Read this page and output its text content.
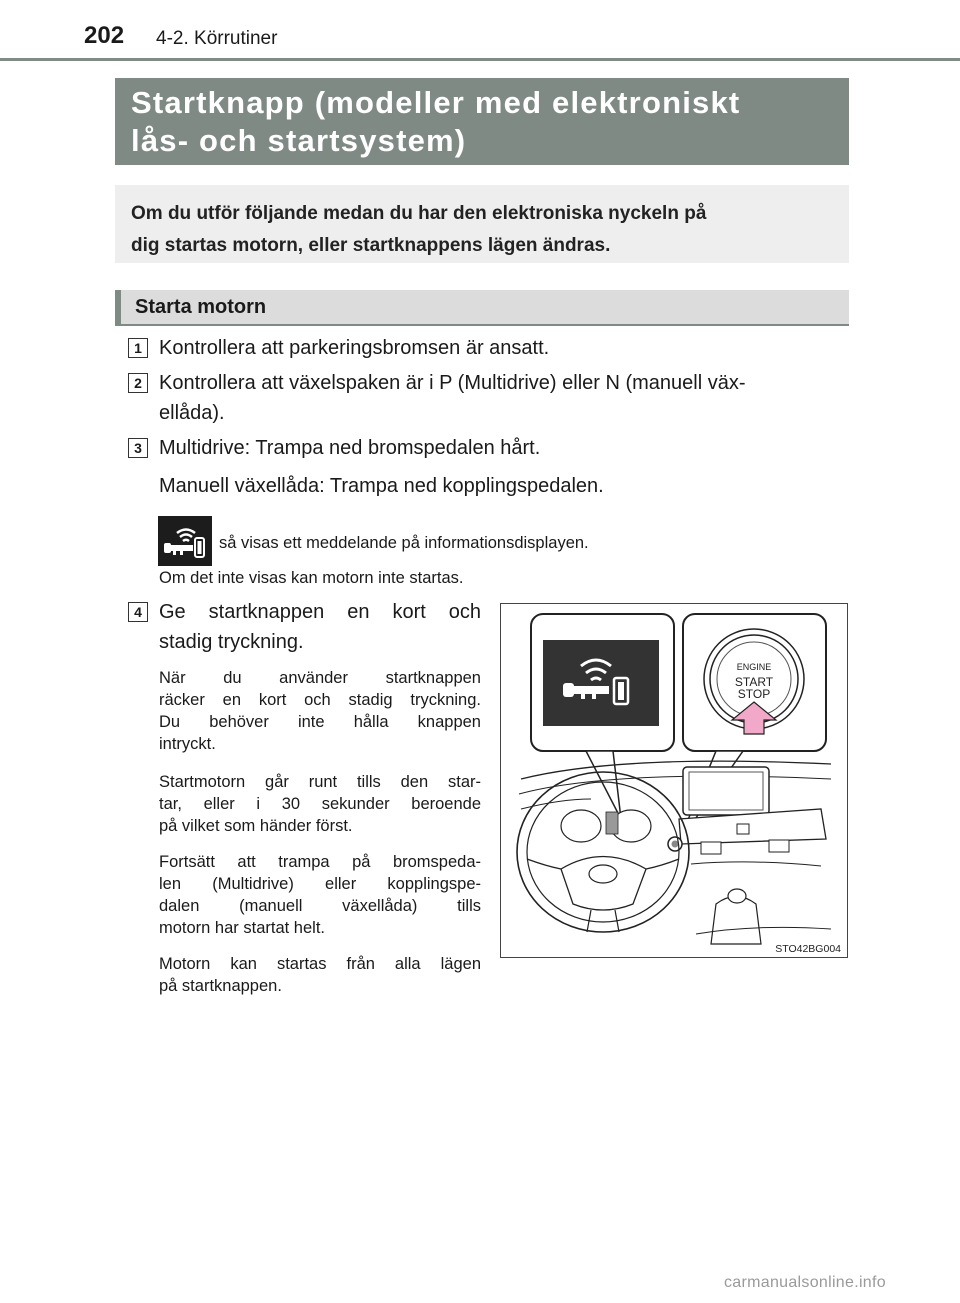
202 4-2. Körrutiner
Startknapp (modeller med elektroniskt
lås- och startsystem)
Om du utför följande medan du har den elektroniska nyckeln på
dig startas motorn, eller startknappens lägen ändras.
Starta motorn
1 Kontrollera att parkeringsbromsen är ansatt.
2 Kontrollera att växelspaken är i P (Multidrive) eller N (manuell väx-
ellåda).
3 Multidrive: Trampa ned bromspedalen hårt.
Manuell växellåda: Trampa ned kopplingspedalen.
så visas ett meddelande på informationsdisplayen.
Om det inte visas kan motorn inte startas.
4 Ge startknappen en kort och
stadig tryckning.
När du använder startknappen
räcker en kort och stadig tryckning.
Du behöver inte hålla knappen
intryckt.
Startmotorn går runt tills den star-
tar, eller i 30 sekunder beroende
på vilket som händer först.
Fortsätt att trampa på bromspeda-
len (Multidrive) eller kopplingspe-
dalen (manuell växellåda) tills
motorn har startat helt.
Motorn kan startas från alla lägen
på startknappen.
ENGINE
START
STOP
STO42BG004
carmanualsonline.info
